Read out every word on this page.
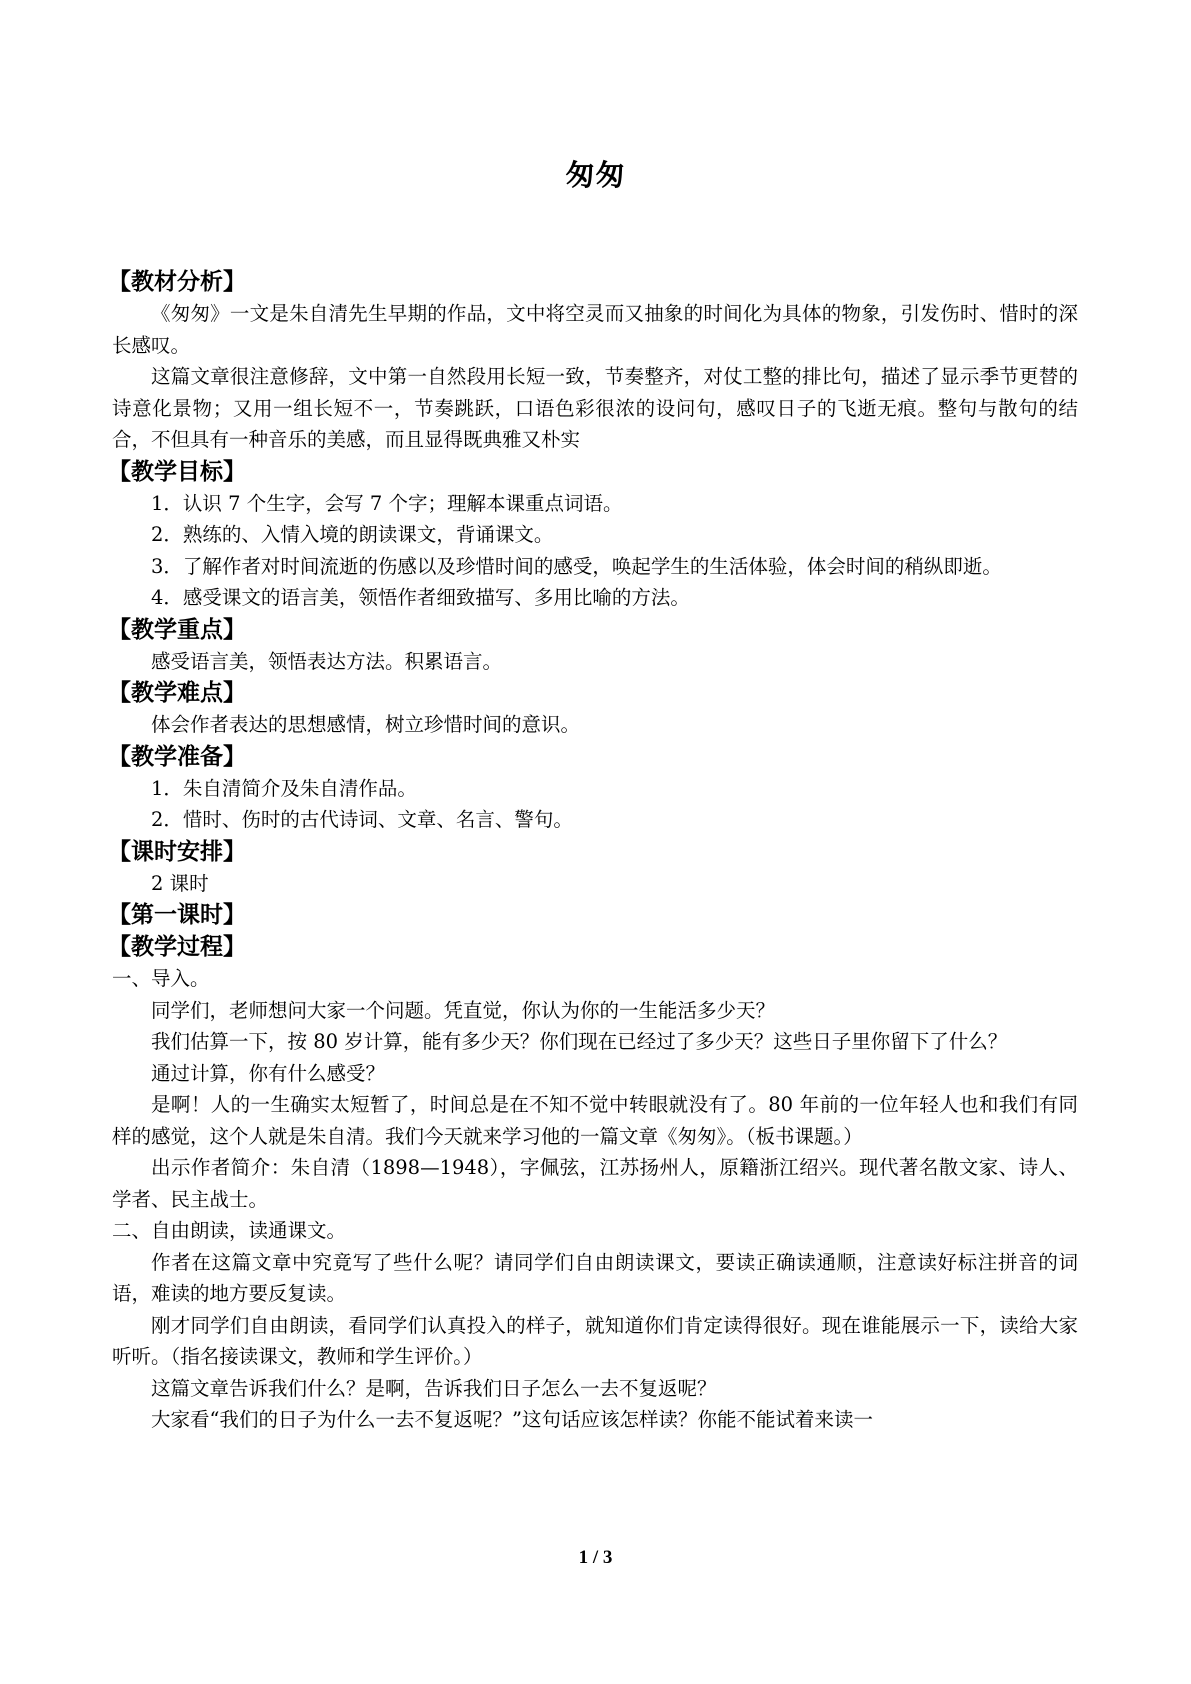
匆匆
【教材分析】
《匆匆》一文是朱自清先生早期的作品，文中将空灵而又抽象的时间化为具体的物象，引发伤时、惜时的深长感叹。
这篇文章很注意修辞，文中第一自然段用长短一致，节奏整齐，对仗工整的排比句，描述了显示季节更替的诗意化景物；又用一组长短不一，节奏跳跃，口语色彩很浓的设问句，感叹日子的飞逝无痕。整句与散句的结合，不但具有一种音乐的美感，而且显得既典雅又朴实
【教学目标】
1．认识 7 个生字，会写 7 个字；理解本课重点词语。
2．熟练的、入情入境的朗读课文，背诵课文。
3．了解作者对时间流逝的伤感以及珍惜时间的感受，唤起学生的生活体验，体会时间的稍纵即逝。
4．感受课文的语言美，领悟作者细致描写、多用比喻的方法。
【教学重点】
感受语言美，领悟表达方法。积累语言。
【教学难点】
体会作者表达的思想感情，树立珍惜时间的意识。
【教学准备】
1．朱自清简介及朱自清作品。
2．惜时、伤时的古代诗词、文章、名言、警句。
【课时安排】
2 课时
【第一课时】
【教学过程】
一、导入。
同学们，老师想问大家一个问题。凭直觉，你认为你的一生能活多少天？
我们估算一下，按 80 岁计算，能有多少天？你们现在已经过了多少天？这些日子里你留下了什么？
通过计算，你有什么感受？
是啊！人的一生确实太短暂了，时间总是在不知不觉中转眼就没有了。80 年前的一位年轻人也和我们有同样的感觉，这个人就是朱自清。我们今天就来学习他的一篇文章《匆匆》。（板书课题。）
出示作者简介：朱自清（1898—1948），字佩弦，江苏扬州人，原籍浙江绍兴。现代著名散文家、诗人、学者、民主战士。
二、自由朗读，读通课文。
作者在这篇文章中究竟写了些什么呢？请同学们自由朗读课文，要读正确读通顺，注意读好标注拼音的词语，难读的地方要反复读。
刚才同学们自由朗读，看同学们认真投入的样子，就知道你们肯定读得很好。现在谁能展示一下，读给大家听听。（指名接读课文，教师和学生评价。）
这篇文章告诉我们什么？是啊，告诉我们日子怎么一去不复返呢？
大家看“我们的日子为什么一去不复返呢？”这句话应该怎样读？你能不能试着来读一
1 / 3
